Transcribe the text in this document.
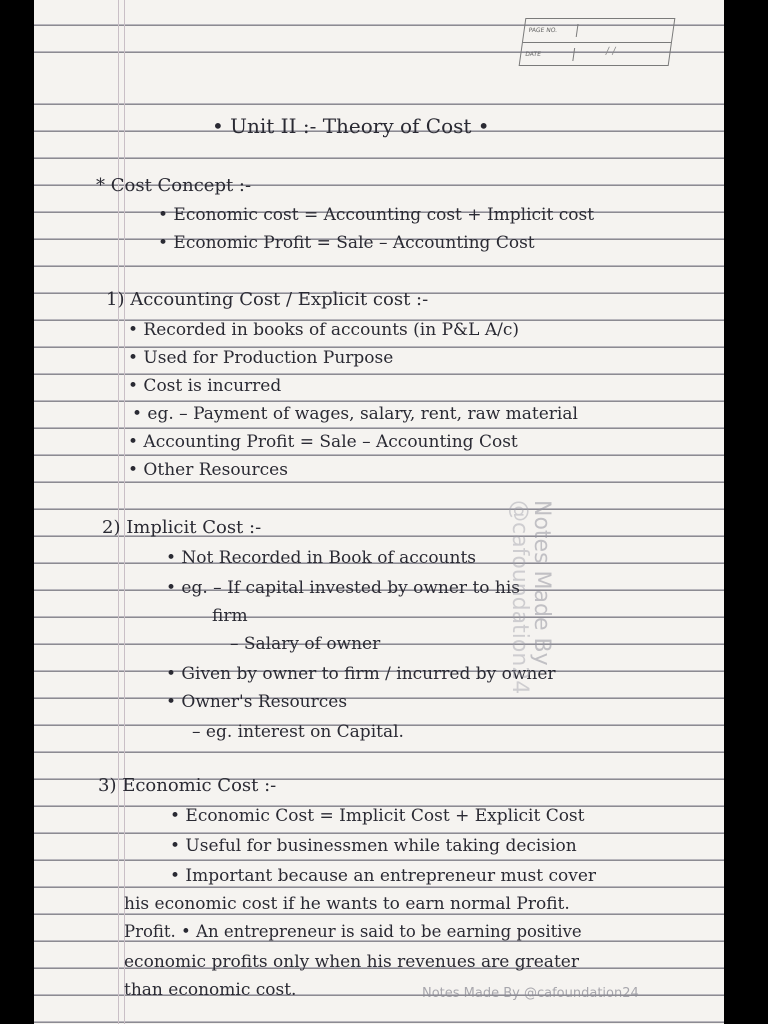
PAGE NO.
DATE	/ /
• Unit II :- Theory of Cost •
* Cost Concept :-
• Economic cost = Accounting cost + Implicit cost
• Economic Profit = Sale – Accounting Cost
1) Accounting Cost / Explicit cost :-
• Recorded in books of accounts (in P&L A/c)
• Used for Production Purpose
• Cost is incurred
• eg. – Payment of wages, salary, rent, raw material
• Accounting Profit = Sale – Accounting Cost
• Other Resources
2) Implicit Cost :-
• Not Recorded in Book of accounts
• eg. – If capital invested by owner to his
firm
– Salary of owner
• Given by owner to firm / incurred by owner
• Owner's Resources
– eg. interest on Capital.
Notes Made By
@cafoundation24
3) Economic Cost :-
• Economic Cost = Implicit Cost + Explicit Cost
• Useful for businessmen while taking decision
• Important because an entrepreneur must cover
his economic cost if he wants to earn normal Profit.
Profit. • An entrepreneur is said to be earning positive
economic profits only when his revenues are greater
than economic cost.	Notes Made By @cafoundation24
